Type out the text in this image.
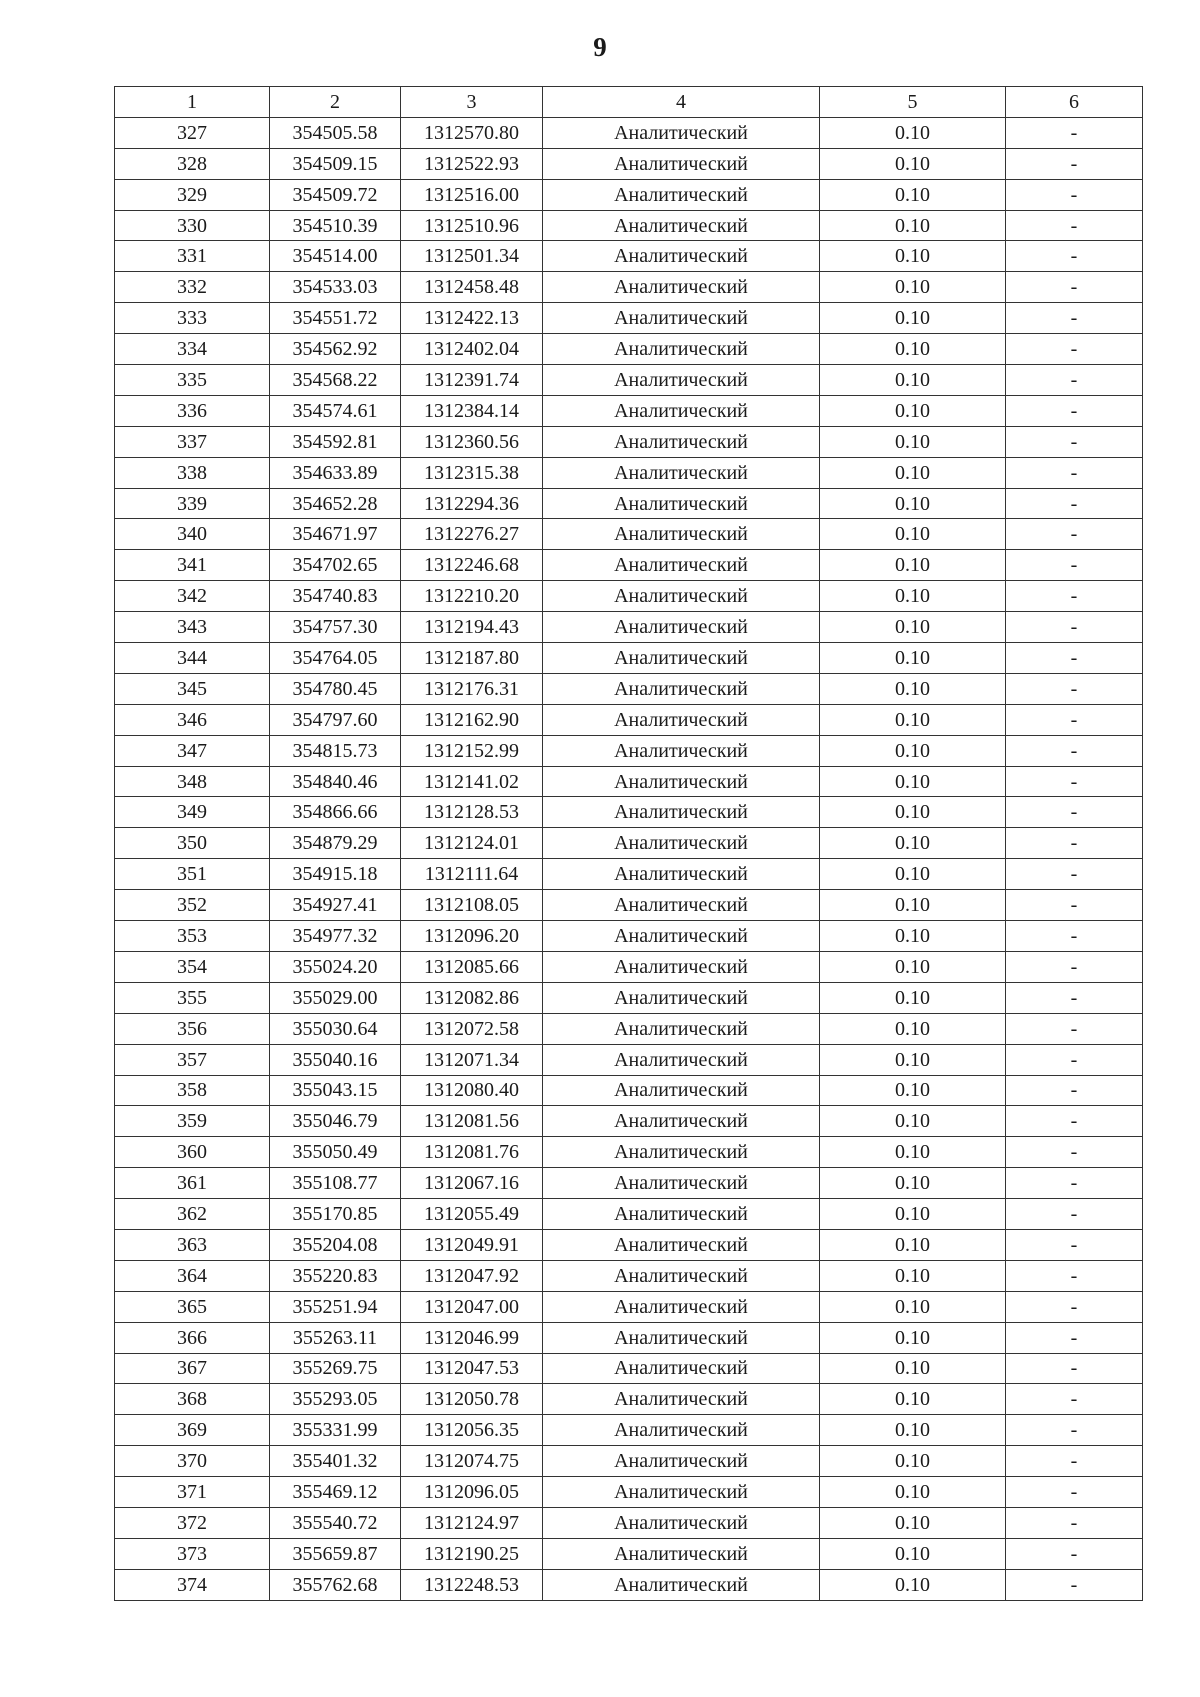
9
1	2	3	4	5	6
327	354505.58	1312570.80	Аналитический	0.10	-
328	354509.15	1312522.93	Аналитический	0.10	-
329	354509.72	1312516.00	Аналитический	0.10	-
330	354510.39	1312510.96	Аналитический	0.10	-
331	354514.00	1312501.34	Аналитический	0.10	-
332	354533.03	1312458.48	Аналитический	0.10	-
333	354551.72	1312422.13	Аналитический	0.10	-
334	354562.92	1312402.04	Аналитический	0.10	-
335	354568.22	1312391.74	Аналитический	0.10	-
336	354574.61	1312384.14	Аналитический	0.10	-
337	354592.81	1312360.56	Аналитический	0.10	-
338	354633.89	1312315.38	Аналитический	0.10	-
339	354652.28	1312294.36	Аналитический	0.10	-
340	354671.97	1312276.27	Аналитический	0.10	-
341	354702.65	1312246.68	Аналитический	0.10	-
342	354740.83	1312210.20	Аналитический	0.10	-
343	354757.30	1312194.43	Аналитический	0.10	-
344	354764.05	1312187.80	Аналитический	0.10	-
345	354780.45	1312176.31	Аналитический	0.10	-
346	354797.60	1312162.90	Аналитический	0.10	-
347	354815.73	1312152.99	Аналитический	0.10	-
348	354840.46	1312141.02	Аналитический	0.10	-
349	354866.66	1312128.53	Аналитический	0.10	-
350	354879.29	1312124.01	Аналитический	0.10	-
351	354915.18	1312111.64	Аналитический	0.10	-
352	354927.41	1312108.05	Аналитический	0.10	-
353	354977.32	1312096.20	Аналитический	0.10	-
354	355024.20	1312085.66	Аналитический	0.10	-
355	355029.00	1312082.86	Аналитический	0.10	-
356	355030.64	1312072.58	Аналитический	0.10	-
357	355040.16	1312071.34	Аналитический	0.10	-
358	355043.15	1312080.40	Аналитический	0.10	-
359	355046.79	1312081.56	Аналитический	0.10	-
360	355050.49	1312081.76	Аналитический	0.10	-
361	355108.77	1312067.16	Аналитический	0.10	-
362	355170.85	1312055.49	Аналитический	0.10	-
363	355204.08	1312049.91	Аналитический	0.10	-
364	355220.83	1312047.92	Аналитический	0.10	-
365	355251.94	1312047.00	Аналитический	0.10	-
366	355263.11	1312046.99	Аналитический	0.10	-
367	355269.75	1312047.53	Аналитический	0.10	-
368	355293.05	1312050.78	Аналитический	0.10	-
369	355331.99	1312056.35	Аналитический	0.10	-
370	355401.32	1312074.75	Аналитический	0.10	-
371	355469.12	1312096.05	Аналитический	0.10	-
372	355540.72	1312124.97	Аналитический	0.10	-
373	355659.87	1312190.25	Аналитический	0.10	-
374	355762.68	1312248.53	Аналитический	0.10	-
